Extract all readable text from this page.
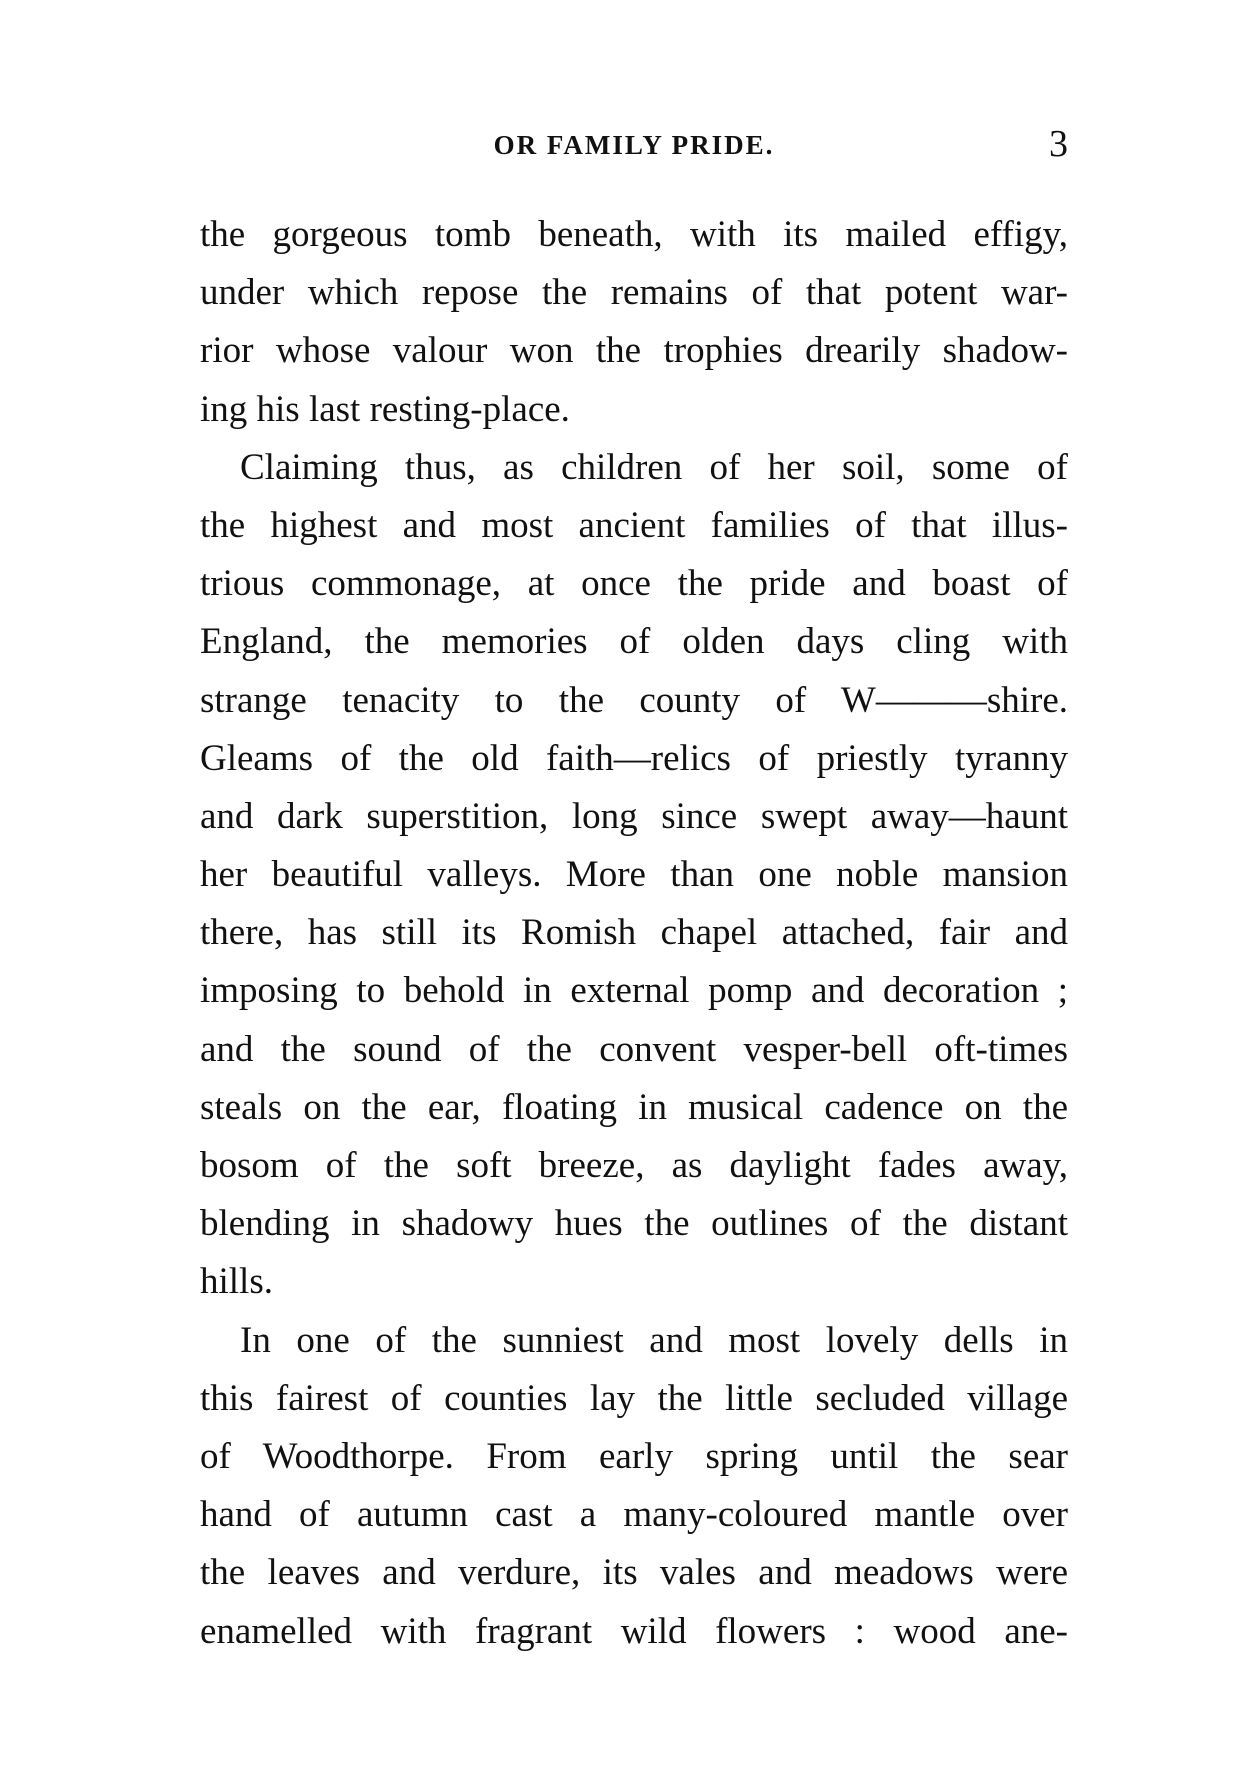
OR FAMILY PRIDE.	3
the gorgeous tomb beneath, with its mailed effigy,
under which repose the remains of that potent war-
rior whose valour won the trophies drearily shadow-
ing his last resting-place.
Claiming thus, as children of her soil, some of
the highest and most ancient families of that illus-
trious commonage, at once the pride and boast of
England, the memories of olden days cling with
strange tenacity to the county of W———shire.
Gleams of the old faith—relics of priestly tyranny
and dark superstition, long since swept away—haunt
her beautiful valleys. More than one noble mansion
there, has still its Romish chapel attached, fair and
imposing to behold in external pomp and decoration ;
and the sound of the convent vesper-bell oft-times
steals on the ear, floating in musical cadence on the
bosom of the soft breeze, as daylight fades away,
blending in shadowy hues the outlines of the distant
hills.
In one of the sunniest and most lovely dells in
this fairest of counties lay the little secluded village
of Woodthorpe. From early spring until the sear
hand of autumn cast a many-coloured mantle over
the leaves and verdure, its vales and meadows were
enamelled with fragrant wild flowers : wood ane-
